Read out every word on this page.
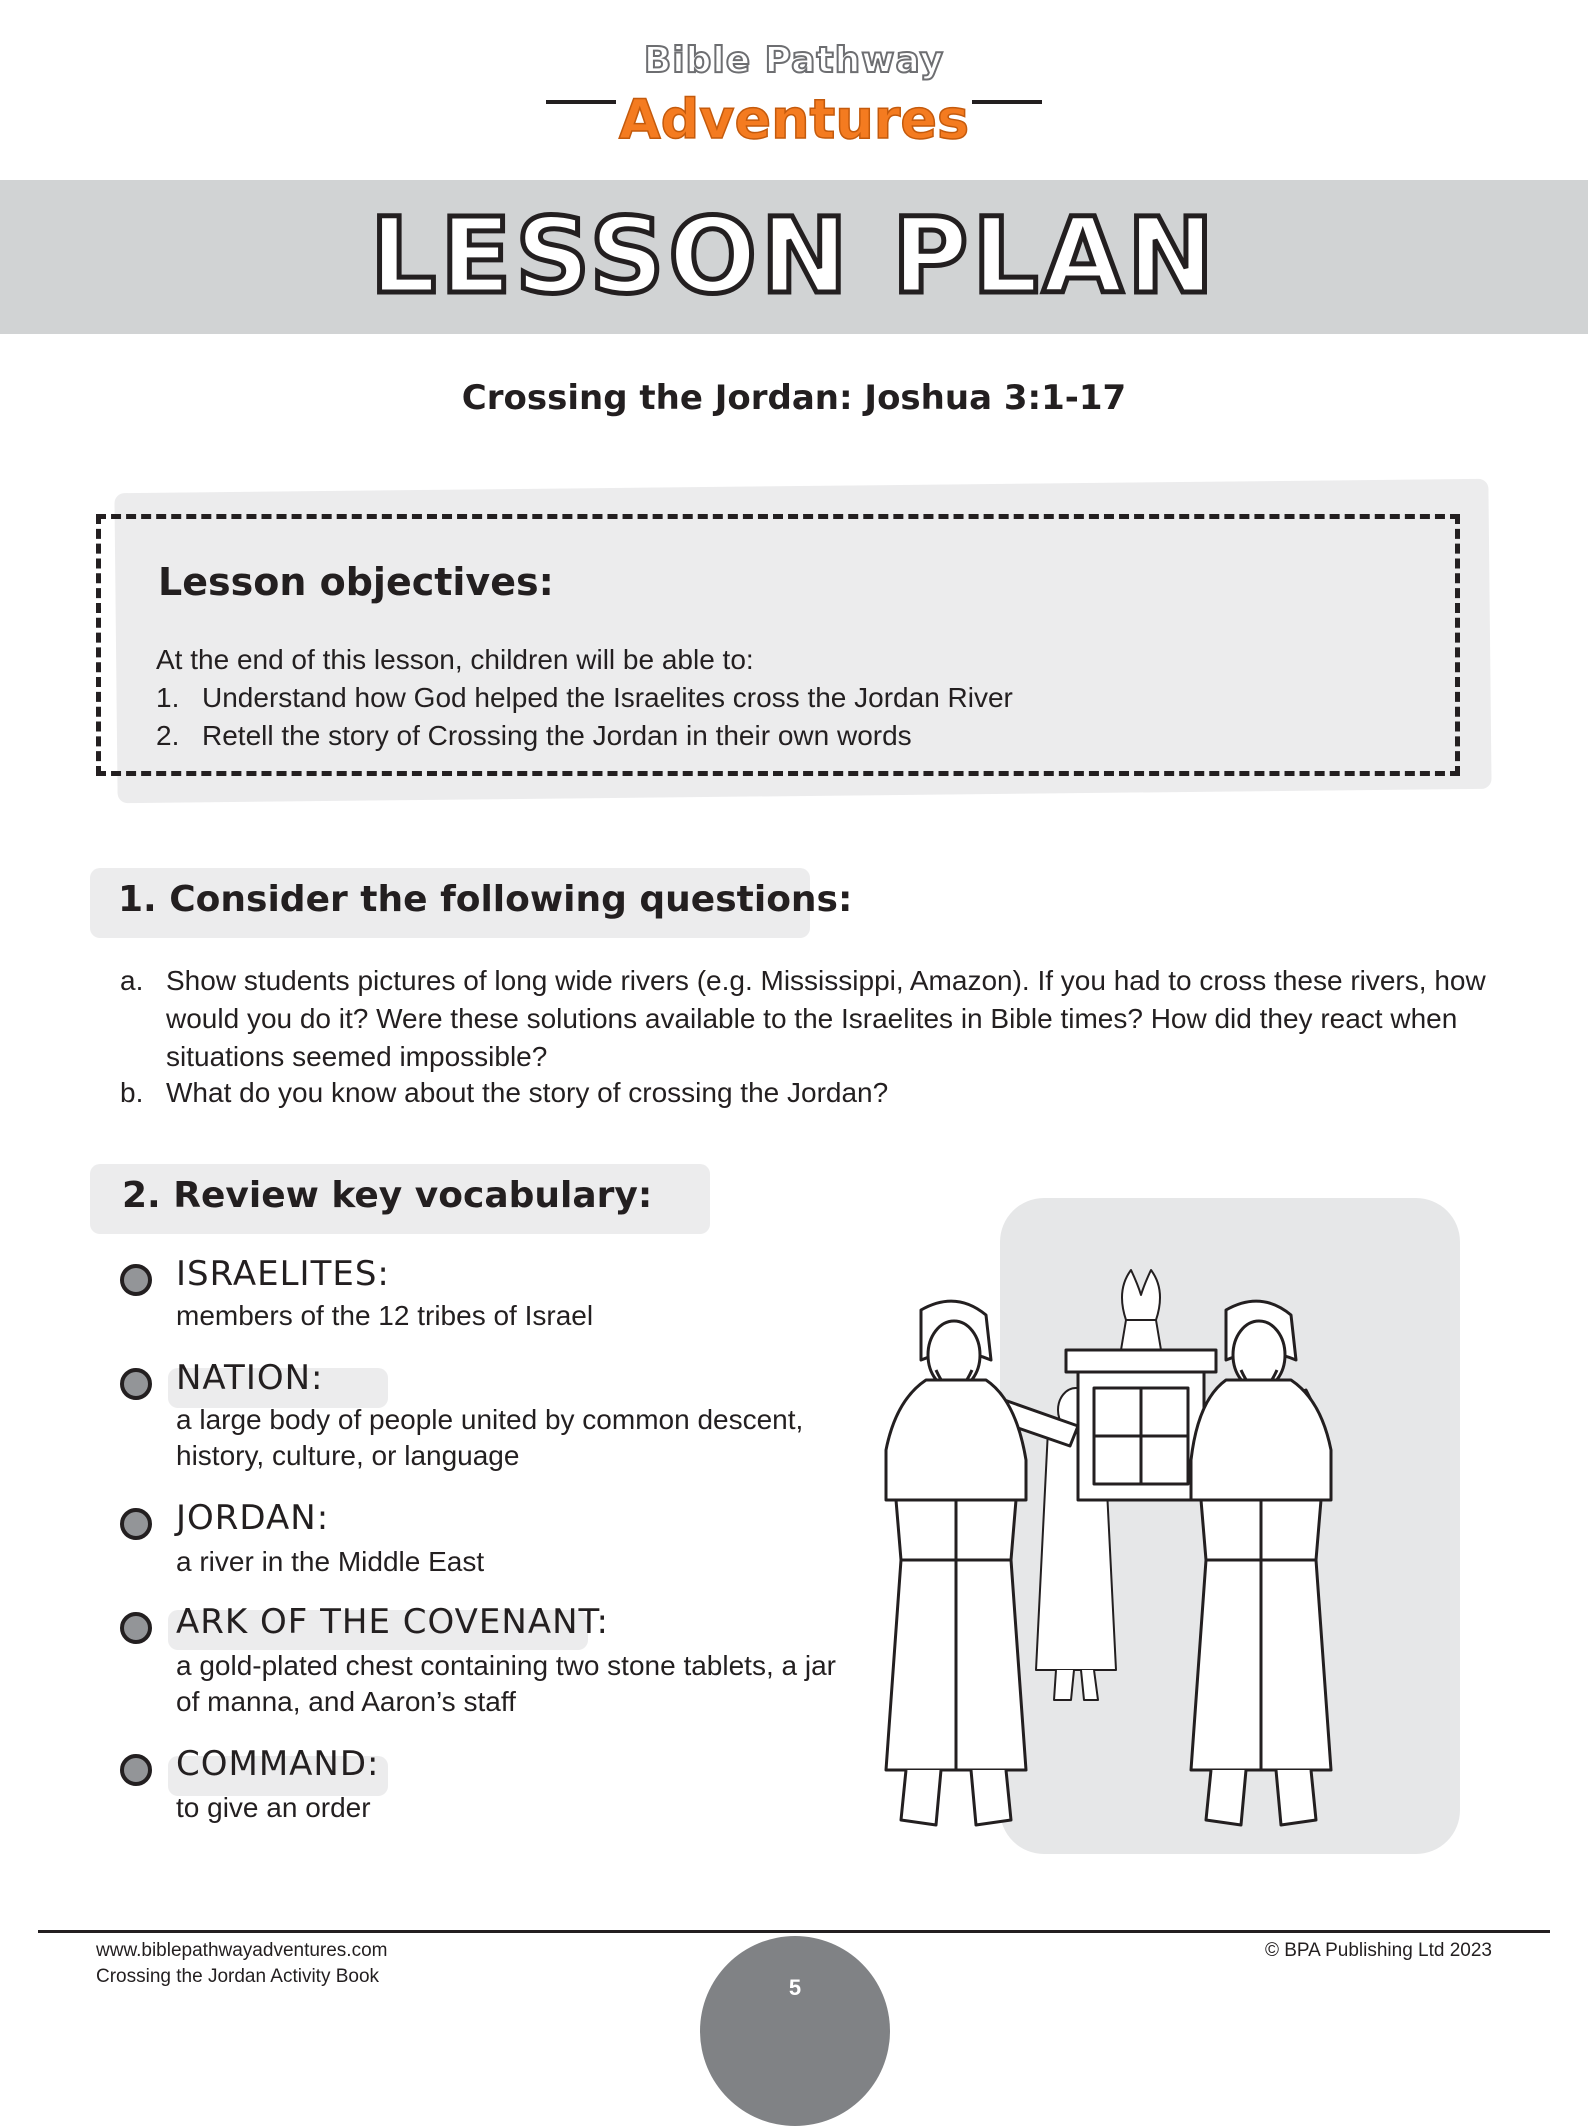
Bible Pathway
Adventures
LESSON PLAN
Crossing the Jordan: Joshua 3:1-17
Lesson objectives:
At the end of this lesson, children will be able to:
1. Understand how God helped the Israelites cross the Jordan River
2. Retell the story of Crossing the Jordan in their own words
1. Consider the following questions:
a. Show students pictures of long wide rivers (e.g. Mississippi, Amazon). If you had to cross these rivers, how would you do it? Were these solutions available to the Israelites in Bible times? How did they react when situations seemed impossible?
b. What do you know about the story of crossing the Jordan?
2. Review key vocabulary:
ISRAELITES:
members of the 12 tribes of Israel
NATION:
a large body of people united by common descent, history, culture, or language
JORDAN:
a river in the Middle East
ARK OF THE COVENANT:
a gold-plated chest containing two stone tablets, a jar of manna, and Aaron’s staff
COMMAND:
to give an order
www.biblepathwayadventures.com
Crossing the Jordan Activity Book
© BPA Publishing Ltd 2023
5
